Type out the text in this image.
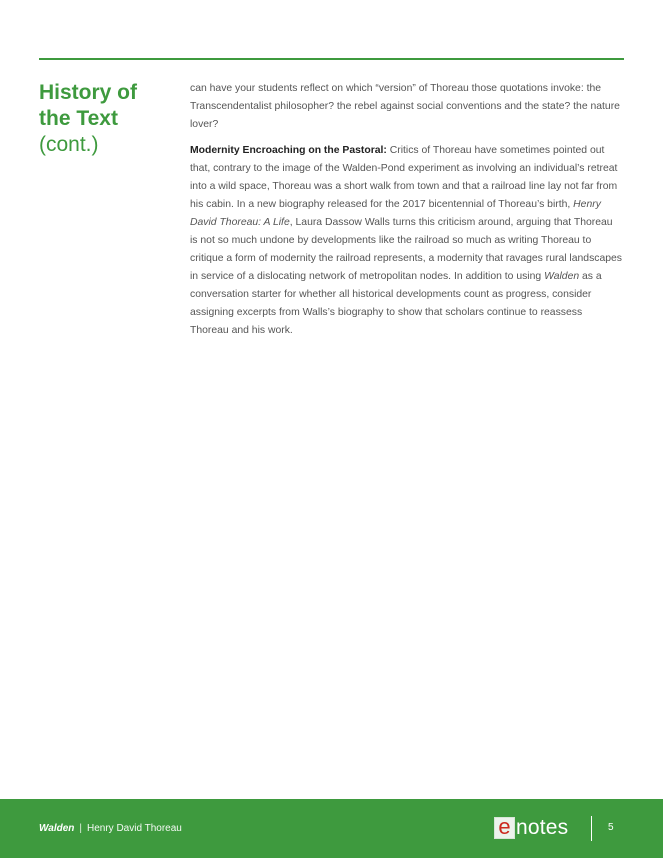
History of
the Text
(cont.)

can have your students reflect on which “version” of Thoreau those quotations invoke: the Transcendentalist philosopher? the rebel against social conventions and the state? the nature lover?

Modernity Encroaching on the Pastoral: Critics of Thoreau have sometimes pointed out that, contrary to the image of the Walden-Pond experiment as involving an individual’s retreat into a wild space, Thoreau was a short walk from town and that a railroad line lay not far from his cabin. In a new biography released for the 2017 bicentennial of Thoreau’s birth, Henry David Thoreau: A Life, Laura Dassow Walls turns this criticism around, arguing that Thoreau is not so much undone by developments like the railroad so much as writing Thoreau to critique a form of modernity the railroad represents, a modernity that ravages rural landscapes in service of a dislocating network of metropolitan nodes. In addition to using Walden as a conversation starter for whether all historical developments count as progress, consider assigning excerpts from Walls’s biography to show that scholars continue to reassess Thoreau and his work.

Walden | Henry David Thoreau	e notes	5
